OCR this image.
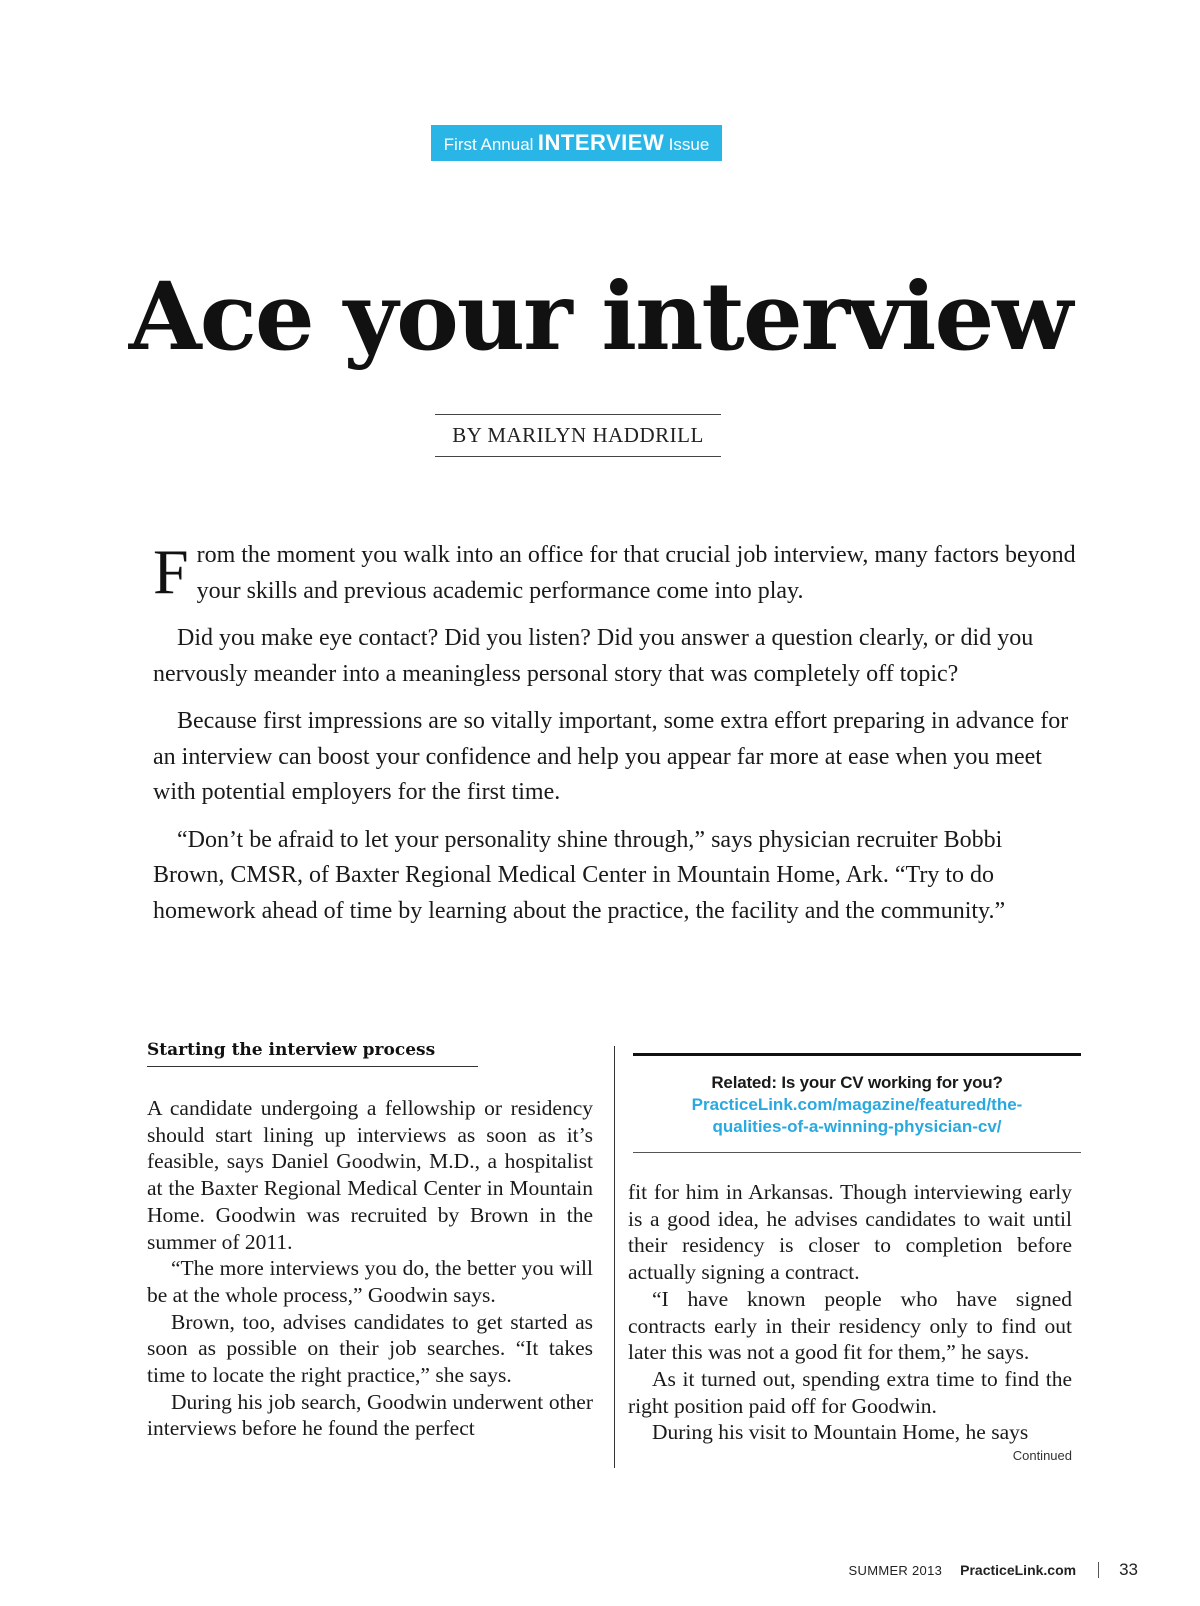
First Annual INTERVIEW Issue
Ace your interview
BY MARILYN HADDRILL

From the moment you walk into an office for that crucial job interview, many factors beyond your skills and previous academic performance come into play.

Did you make eye contact? Did you listen? Did you answer a question clearly, or did you nervously meander into a meaningless personal story that was completely off topic?

Because first impressions are so vitally important, some extra effort preparing in advance for an interview can boost your confidence and help you appear far more at ease when you meet with potential employers for the first time.

“Don’t be afraid to let your personality shine through,” says physician recruiter Bobbi Brown, CMSR, of Baxter Regional Medical Center in Mountain Home, Ark. “Try to do homework ahead of time by learning about the practice, the facility and the community.”

Starting the interview process

A candidate undergoing a fellowship or residency should start lining up interviews as soon as it’s feasible, says Daniel Goodwin, M.D., a hospitalist at the Baxter Regional Medical Center in Mountain Home. Goodwin was recruited by Brown in the summer of 2011.

“The more interviews you do, the better you will be at the whole process,” Goodwin says.

Brown, too, advises candidates to get started as soon as possible on their job searches. “It takes time to locate the right practice,” she says.

During his job search, Goodwin underwent other interviews before he found the perfect

Related: Is your CV working for you?
PracticeLink.com/magazine/featured/the-
qualities-of-a-winning-physician-cv/

fit for him in Arkansas. Though interviewing early is a good idea, he advises candidates to wait until their residency is closer to completion before actually signing a contract.

“I have known people who have signed contracts early in their residency only to find out later this was not a good fit for them,” he says.

As it turned out, spending extra time to find the right position paid off for Goodwin.

During his visit to Mountain Home, he says

Continued
SUMMER 2013 PracticeLink.com	33
